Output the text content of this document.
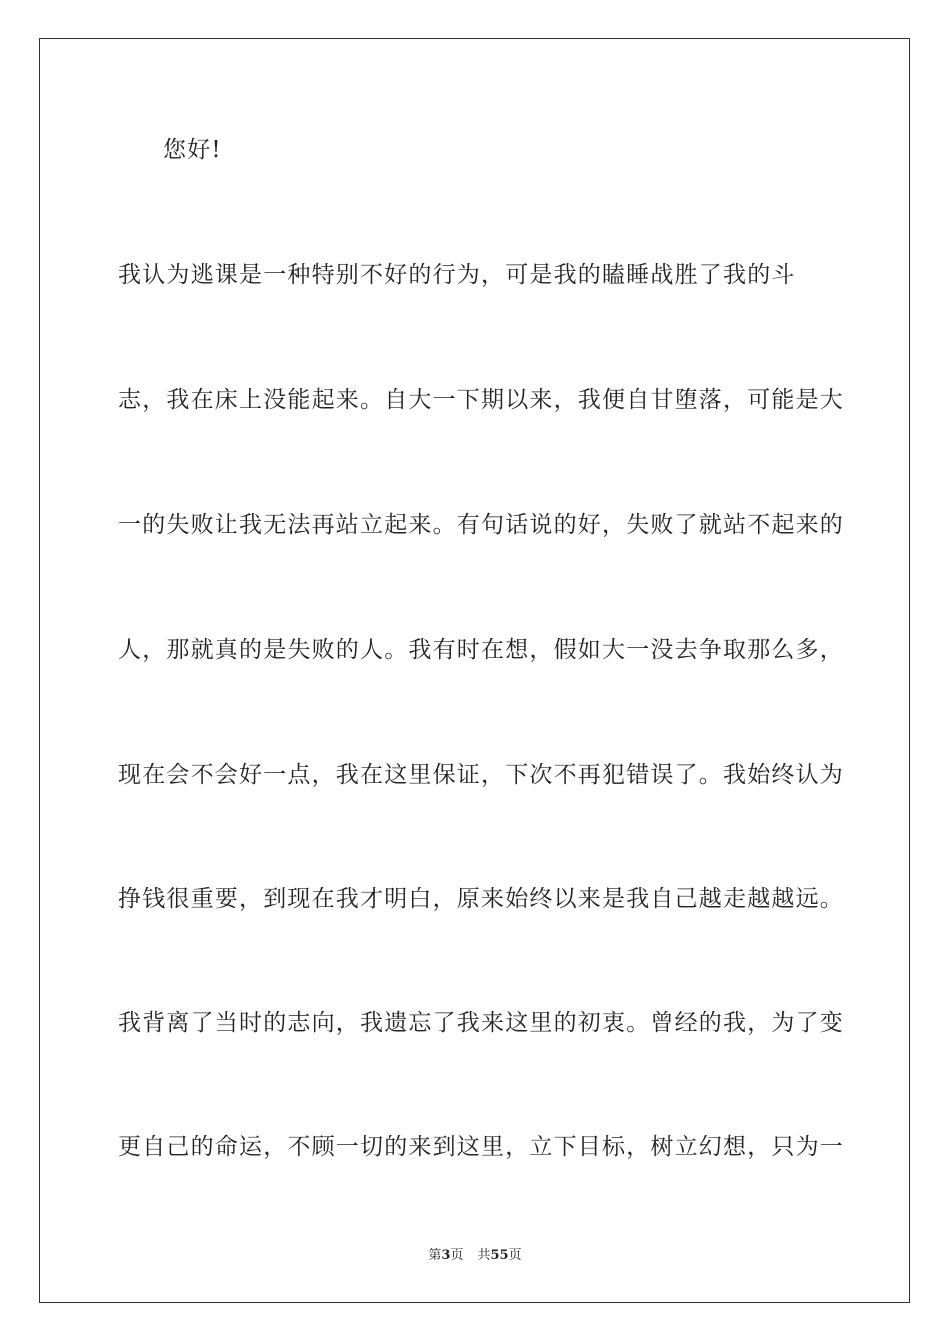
您好!
我认为逃课是一种特别不好的行为，可是我的瞌睡战胜了我的斗
志，我在床上没能起来。自大一下期以来，我便自甘堕落，可能是大
一的失败让我无法再站立起来。有句话说的好，失败了就站不起来的
人，那就真的是失败的人。我有时在想，假如大一没去争取那么多，
现在会不会好一点，我在这里保证，下次不再犯错误了。我始终认为
挣钱很重要，到现在我才明白，原来始终以来是我自己越走越越远。
我背离了当时的志向，我遗忘了我来这里的初衷。曾经的我，为了变
更自己的命运，不顾一切的来到这里，立下目标，树立幻想，只为一
第3页 共55页
